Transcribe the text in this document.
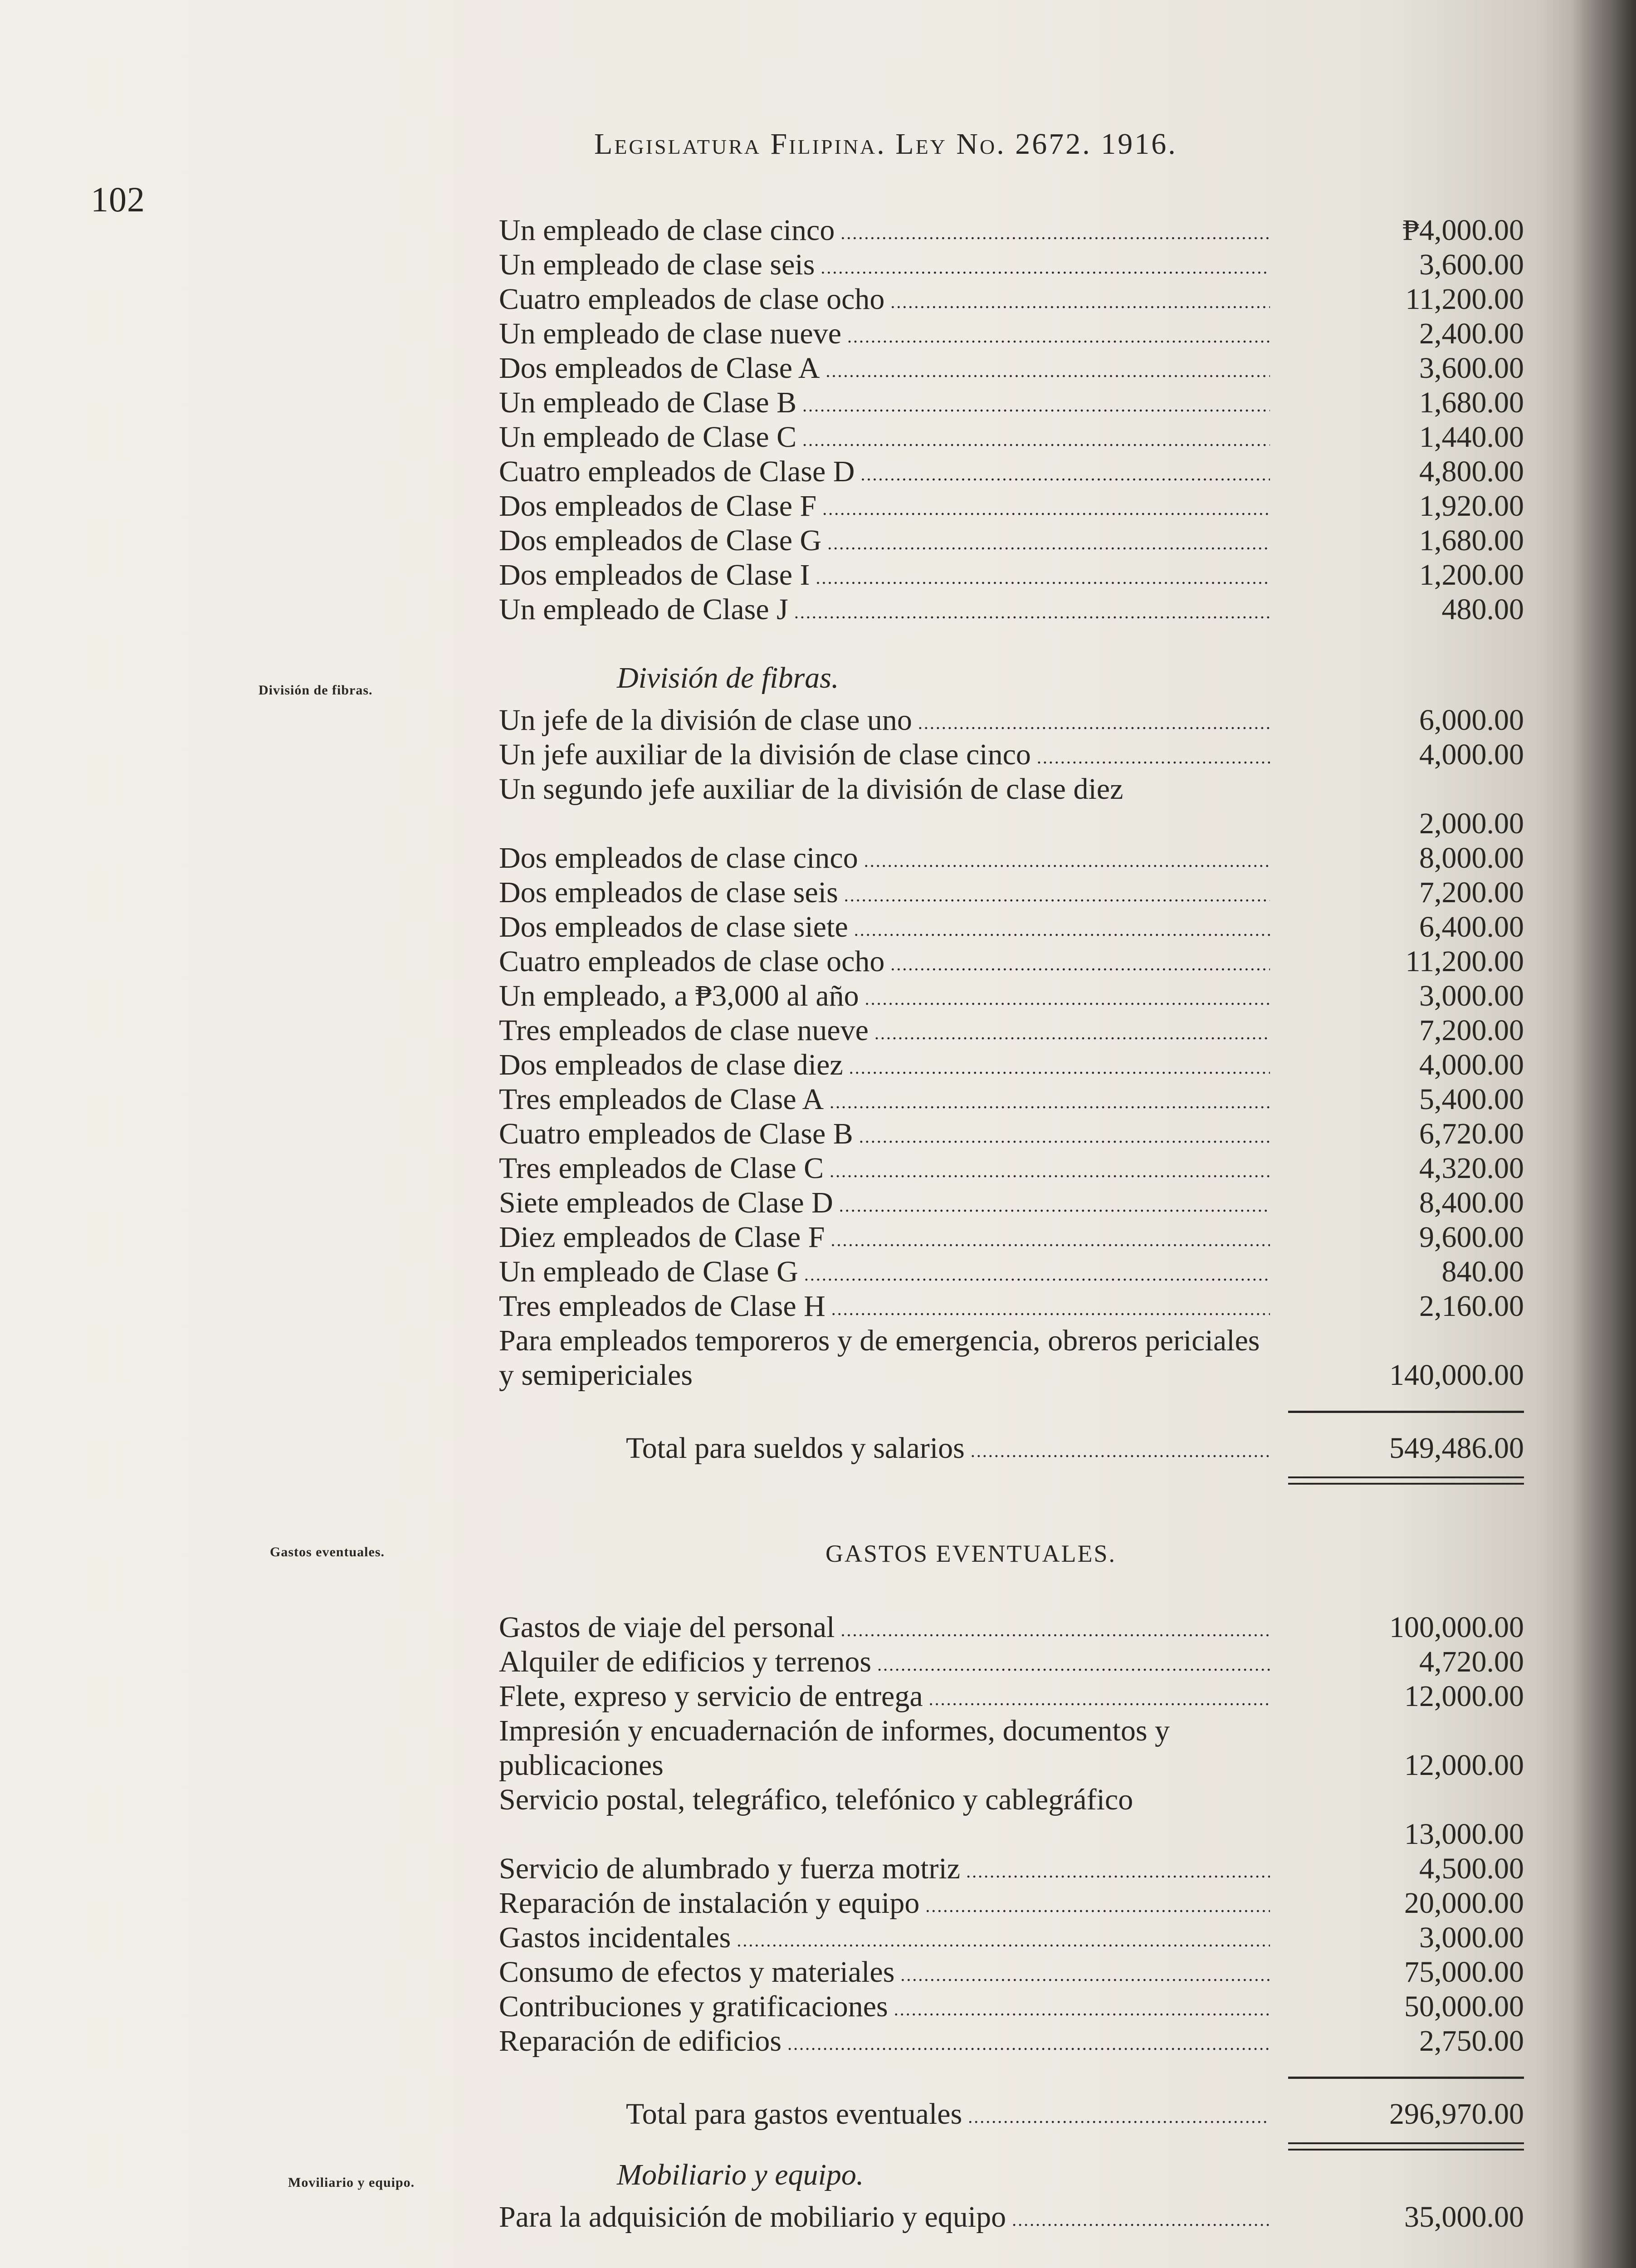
102
Legislatura Filipina. Ley No. 2672. 1916.
Un empleado de clase cinco .....	₱4,000.00
Un empleado de clase seis .....	3,600.00
Cuatro empleados de clase ocho .....	11,200.00
Un empleado de clase nueve .....	2,400.00
Dos empleados de Clase A .....	3,600.00
Un empleado de Clase B .....	1,680.00
Un empleado de Clase C .....	1,440.00
Cuatro empleados de Clase D .....	4,800.00
Dos empleados de Clase F .....	1,920.00
Dos empleados de Clase G .....	1,680.00
Dos empleados de Clase I .....	1,200.00
Un empleado de Clase J .....	480.00
División de fibras.
Gastos eventuales.
Moviliario y equipo.
División de fibras.
Un jefe de la división de clase uno .....	6,000.00
Un jefe auxiliar de la división de clase cinco .....	4,000.00
Un segundo jefe auxiliar de la división de clase diez
2,000.00
Dos empleados de clase cinco .....	8,000.00
Dos empleados de clase seis .....	7,200.00
Dos empleados de clase siete .....	6,400.00
Cuatro empleados de clase ocho .....	11,200.00
Un empleado, a ₱3,000 al año .....	3,000.00
Tres empleados de clase nueve .....	7,200.00
Dos empleados de clase diez .....	4,000.00
Tres empleados de Clase A .....	5,400.00
Cuatro empleados de Clase B .....	6,720.00
Tres empleados de Clase C .....	4,320.00
Siete empleados de Clase D .....	8,400.00
Diez empleados de Clase F .....	9,600.00
Un empleado de Clase G .....	840.00
Tres empleados de Clase H .....	2,160.00
Para empleados temporeros y de emergencia, obreros periciales y semipericiales	140,000.00
Total para sueldos y salarios .....	549,486.00
GASTOS EVENTUALES.
Gastos de viaje del personal .....	100,000.00
Alquiler de edificios y terrenos .....	4,720.00
Flete, expreso y servicio de entrega .....	12,000.00
Impresión y encuadernación de informes, documentos y publicaciones	12,000.00
Servicio postal, telegráfico, telefónico y cablegráfico
13,000.00
Servicio de alumbrado y fuerza motriz .....	4,500.00
Reparación de instalación y equipo .....	20,000.00
Gastos incidentales .....	3,000.00
Consumo de efectos y materiales .....	75,000.00
Contribuciones y gratificaciones .....	50,000.00
Reparación de edificios .....	2,750.00
Total para gastos eventuales .....	296,970.00
Mobiliario y equipo.
Para la adquisición de mobiliario y equipo .....	35,000.00
